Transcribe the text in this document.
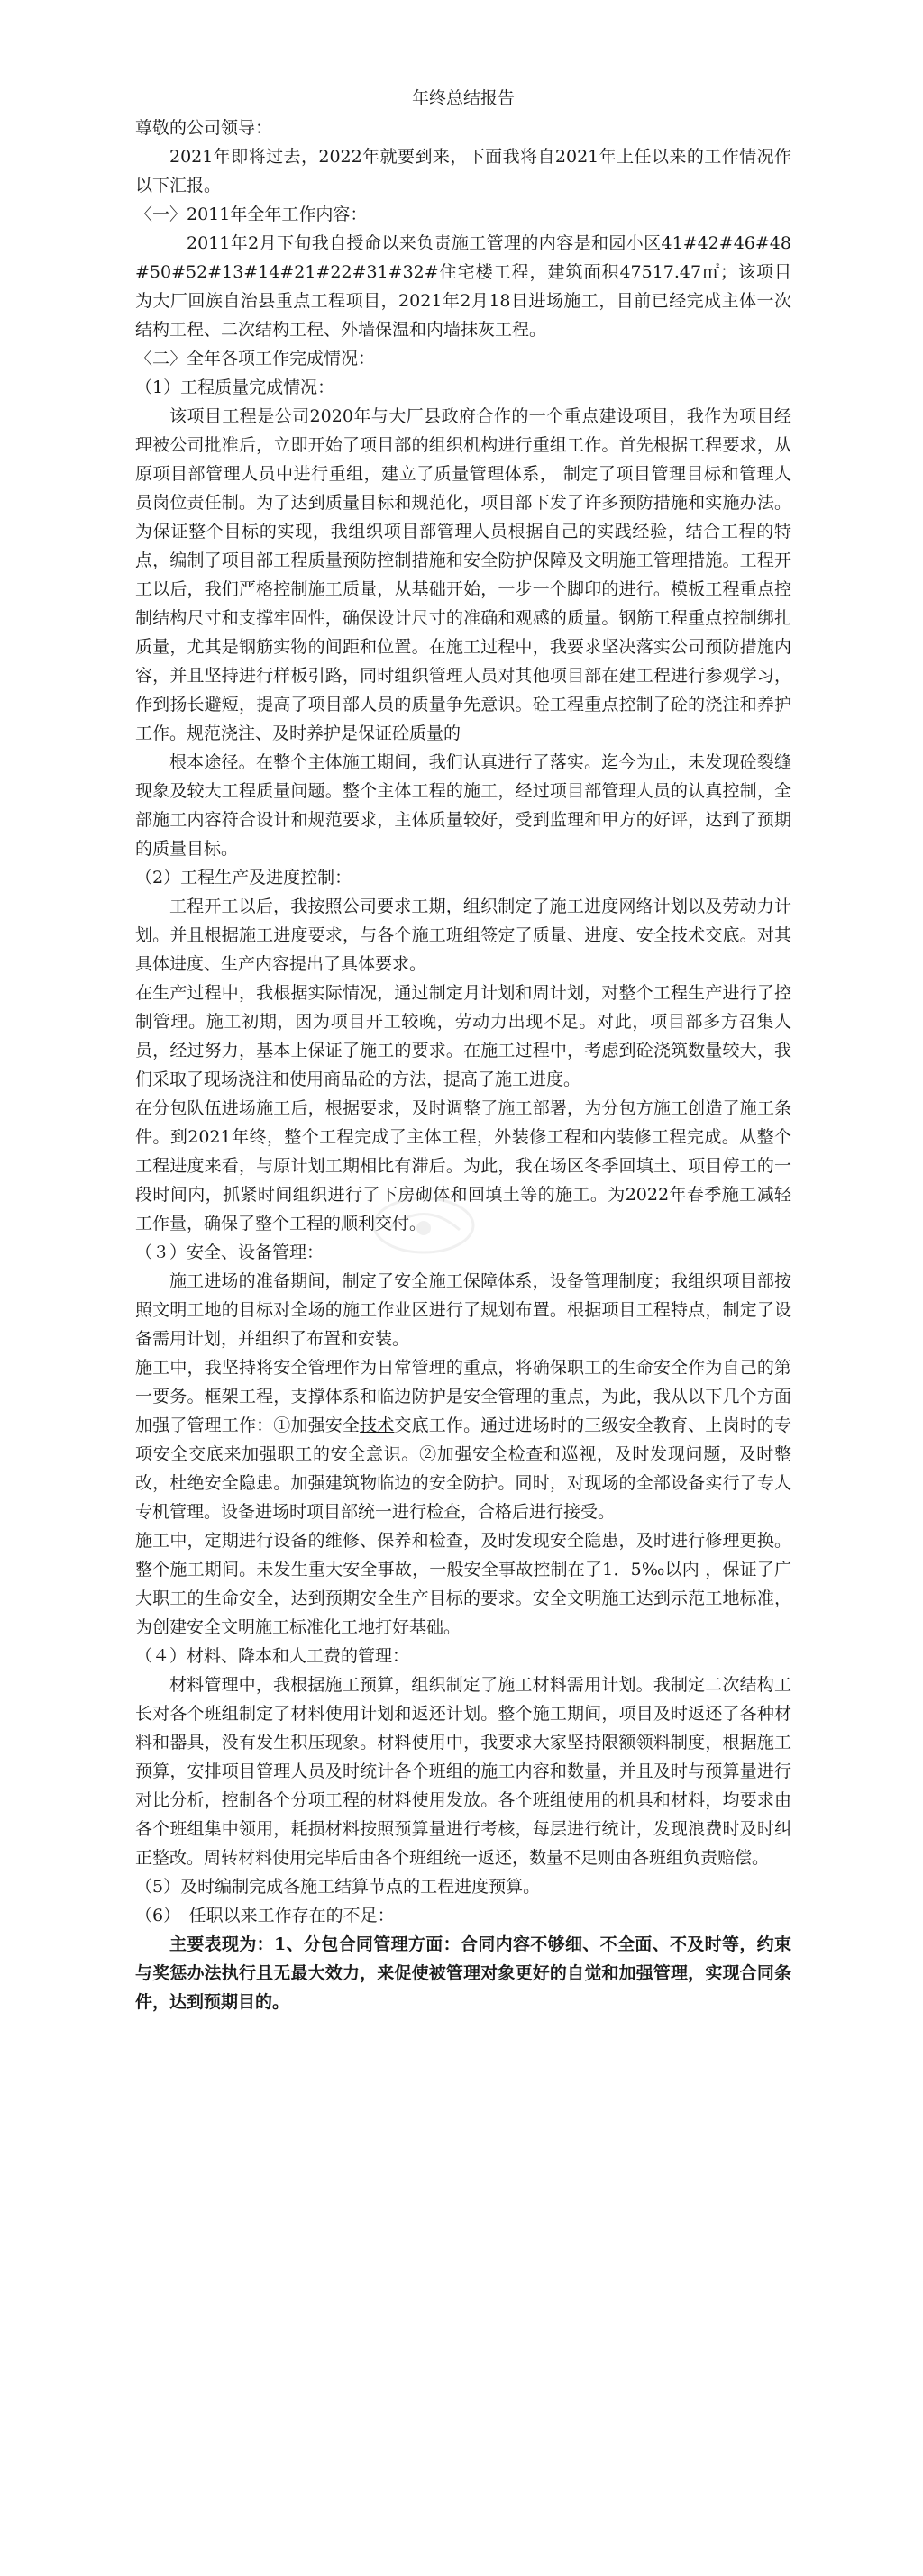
年终总结报告

尊敬的公司领导：

2021年即将过去，2022年就要到来，下面我将自2021年上任以来的工作情况作以下汇报。

〈一〉2011年全年工作内容：

2011年2月下旬我自授命以来负责施工管理的内容是和园小区41#42#46#48#50#52#13#14#21#22#31#32#住宅楼工程，建筑面积47517.47㎡；该项目为大厂回族自治县重点工程项目，2021年2月18日进场施工，目前已经完成主体一次结构工程、二次结构工程、外墙保温和内墙抹灰工程。

〈二〉全年各项工作完成情况：

（1）工程质量完成情况：

该项目工程是公司2020年与大厂县政府合作的一个重点建设项目，我作为项目经理被公司批准后，立即开始了项目部的组织机构进行重组工作。首先根据工程要求，从原项目部管理人员中进行重组，建立了质量管理体系， 制定了项目管理目标和管理人员岗位责任制。为了达到质量目标和规范化，项目部下发了许多预防措施和实施办法。为保证整个目标的实现，我组织项目部管理人员根据自己的实践经验，结合工程的特点，编制了项目部工程质量预防控制措施和安全防护保障及文明施工管理措施。工程开工以后，我们严格控制施工质量，从基础开始，一步一个脚印的进行。模板工程重点控制结构尺寸和支撑牢固性，确保设计尺寸的准确和观感的质量。钢筋工程重点控制绑扎质量，尤其是钢筋实物的间距和位置。在施工过程中，我要求坚决落实公司预防措施内容，并且坚持进行样板引路，同时组织管理人员对其他项目部在建工程进行参观学习，作到扬长避短，提高了项目部人员的质量争先意识。砼工程重点控制了砼的浇注和养护工作。规范浇注、及时养护是保证砼质量的

根本途径。在整个主体施工期间，我们认真进行了落实。迄今为止，未发现砼裂缝现象及较大工程质量问题。整个主体工程的施工，经过项目部管理人员的认真控制，全部施工内容符合设计和规范要求，主体质量较好，受到监理和甲方的好评，达到了预期的质量目标。

（2）工程生产及进度控制：

工程开工以后，我按照公司要求工期，组织制定了施工进度网络计划以及劳动力计划。并且根据施工进度要求，与各个施工班组签定了质量、进度、安全技术交底。对其具体进度、生产内容提出了具体要求。

在生产过程中，我根据实际情况，通过制定月计划和周计划，对整个工程生产进行了控制管理。施工初期，因为项目开工较晚，劳动力出现不足。对此，项目部多方召集人员，经过努力，基本上保证了施工的要求。在施工过程中，考虑到砼浇筑数量较大，我们采取了现场浇注和使用商品砼的方法，提高了施工进度。

在分包队伍进场施工后，根据要求，及时调整了施工部署，为分包方施工创造了施工条件。到2021年终，整个工程完成了主体工程，外装修工程和内装修工程完成。从整个工程进度来看，与原计划工期相比有滞后。为此，我在场区冬季回填土、项目停工的一段时间内，抓紧时间组织进行了下房砌体和回填土等的施工。为2022年春季施工减轻工作量，确保了整个工程的顺利交付。

（３）安全、设备管理：

施工进场的准备期间，制定了安全施工保障体系，设备管理制度；我组织项目部按照文明工地的目标对全场的施工作业区进行了规划布置。根据项目工程特点，制定了设备需用计划，并组织了布置和安装。

施工中，我坚持将安全管理作为日常管理的重点，将确保职工的生命安全作为自己的第一要务。框架工程，支撑体系和临边防护是安全管理的重点，为此，我从以下几个方面加强了管理工作：①加强安全技术交底工作。通过进场时的三级安全教育、上岗时的专项安全交底来加强职工的安全意识。②加强安全检查和巡视，及时发现问题，及时整改，杜绝安全隐患。加强建筑物临边的安全防护。同时，对现场的全部设备实行了专人专机管理。设备进场时项目部统一进行检查，合格后进行接受。

施工中，定期进行设备的维修、保养和检查，及时发现安全隐患，及时进行修理更换。整个施工期间。未发生重大安全事故，一般安全事故控制在了1．5‰以内 ，保证了广大职工的生命安全，达到预期安全生产目标的要求。安全文明施工达到示范工地标准，为创建安全文明施工标准化工地打好基础。

（４）材料、降本和人工费的管理：

材料管理中，我根据施工预算，组织制定了施工材料需用计划。我制定二次结构工长对各个班组制定了材料使用计划和返还计划。整个施工期间，项目及时返还了各种材料和器具，没有发生积压现象。材料使用中，我要求大家坚持限额领料制度，根据施工预算，安排项目管理人员及时统计各个班组的施工内容和数量，并且及时与预算量进行对比分析，控制各个分项工程的材料使用发放。各个班组使用的机具和材料，均要求由各个班组集中领用，耗损材料按照预算量进行考核，每层进行统计，发现浪费时及时纠正整改。周转材料使用完毕后由各个班组统一返还，数量不足则由各班组负责赔偿。

（5）及时编制完成各施工结算节点的工程进度预算。

（6）　任职以来工作存在的不足：

主要表现为：1、分包合同管理方面：合同内容不够细、不全面、不及时等，约束与奖惩办法执行且无最大效力，来促使被管理对象更好的自觉和加强管理，实现合同条件，达到预期目的。
